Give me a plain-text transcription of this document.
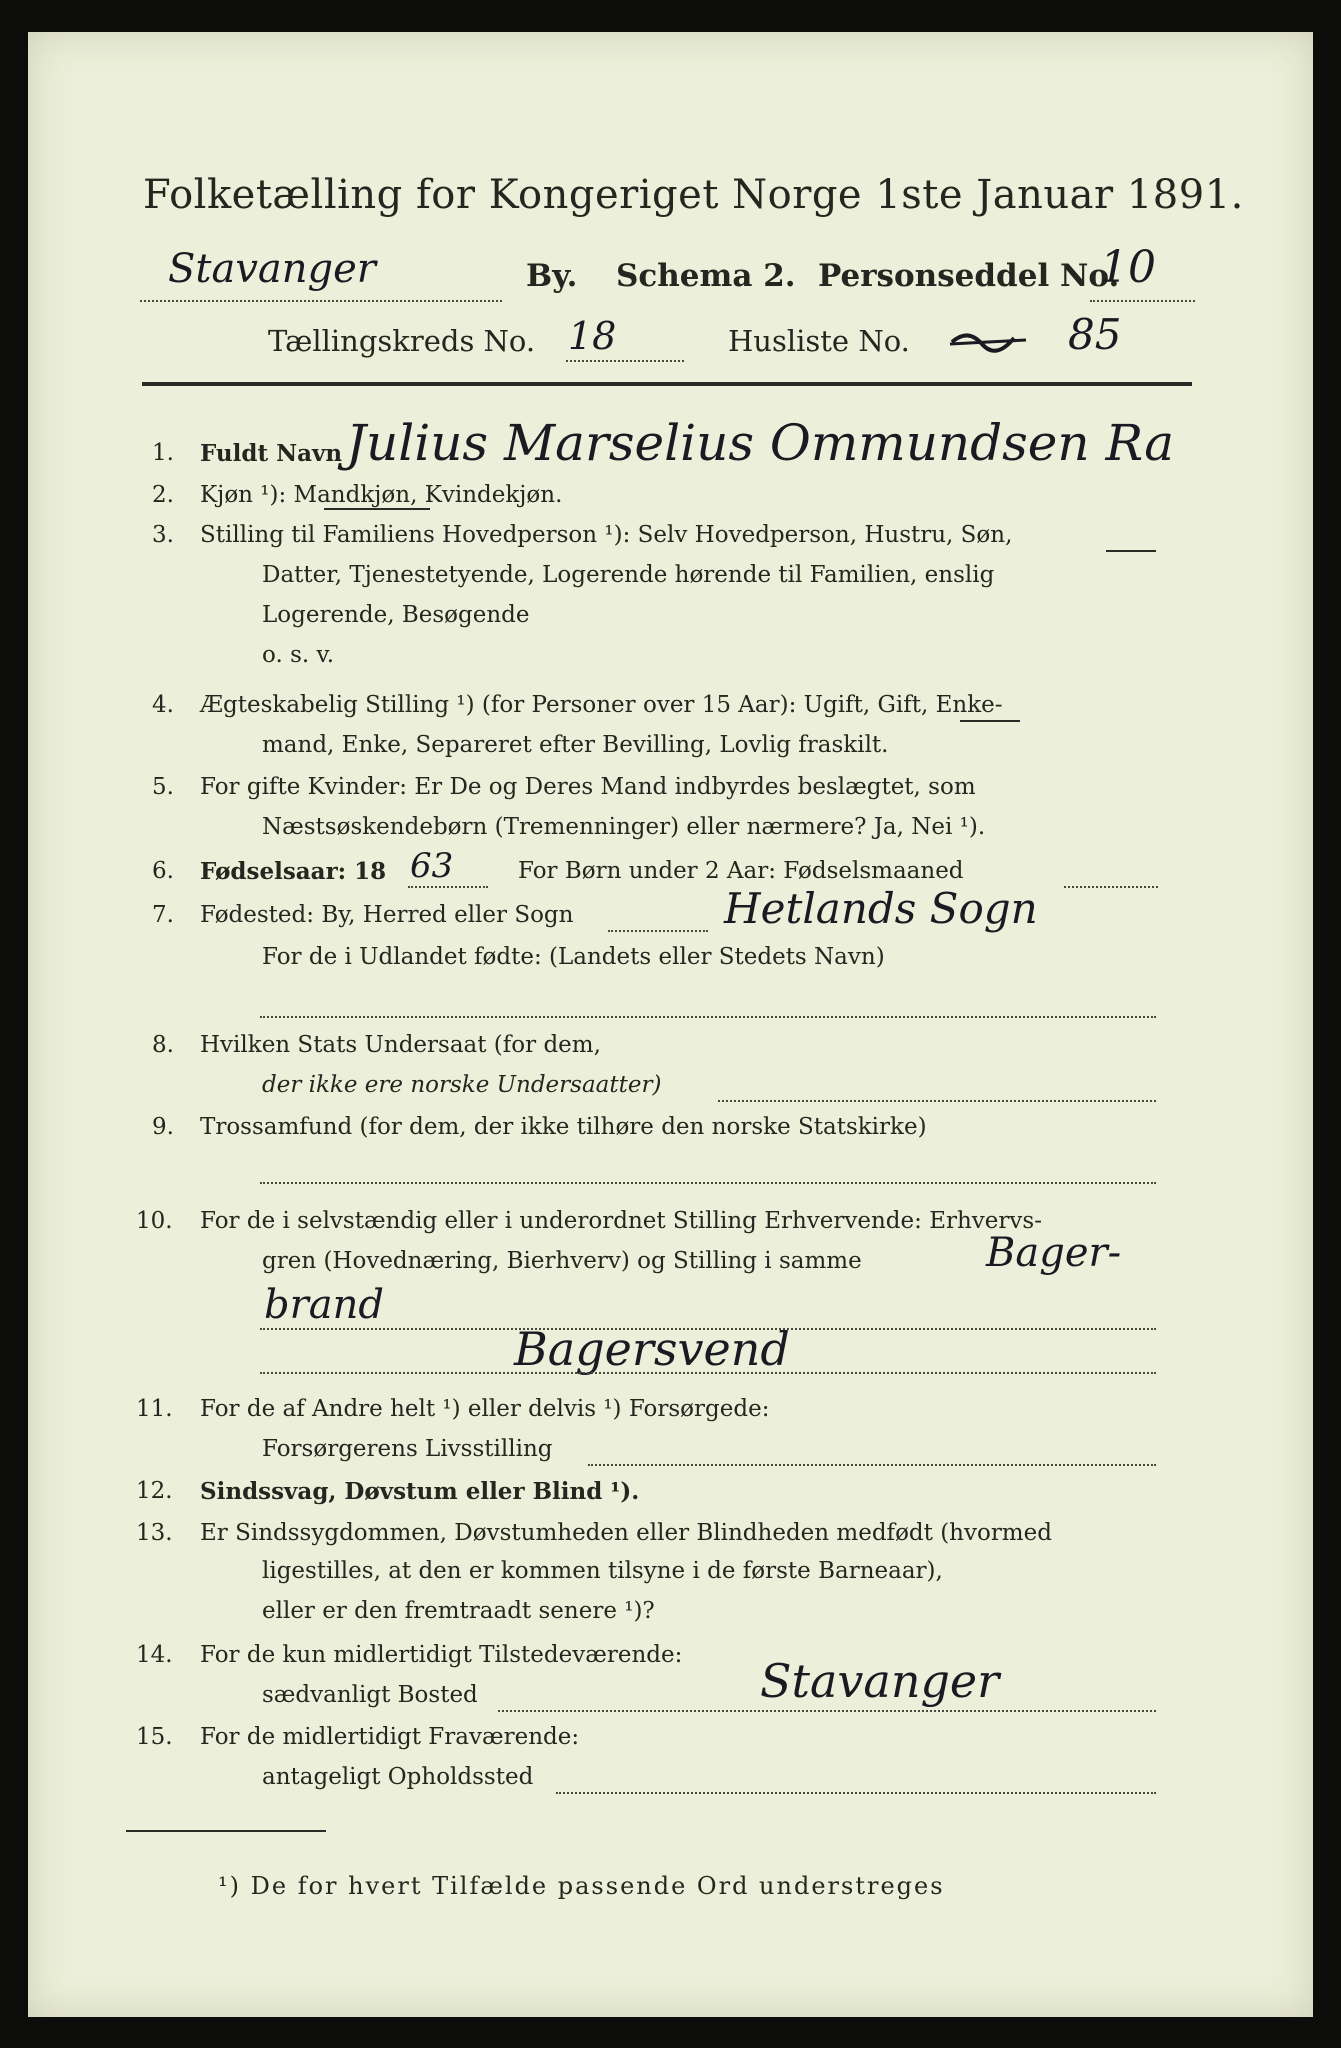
Folketælling for Kongeriget Norge 1ste Januar 1891.
Stavanger	By. Schema 2. Personseddel No.
10
Tællingskreds No. 18	Husliste No.	85
1. Fuldt Navn Julius Marselius Ommundsen Ra
2. Kjøn ¹): Mandkjøn, Kvindekjøn.
3. Stilling til Familiens Hovedperson ¹): Selv Hovedperson, Hustru, Søn,
Datter, Tjenestetyende, Logerende hørende til Familien, enslig
Logerende, Besøgende
o. s. v.
4. Ægteskabelig Stilling ¹) (for Personer over 15 Aar): Ugift, Gift, Enke-
mand, Enke, Separeret efter Bevilling, Lovlig fraskilt.
5. For gifte Kvinder: Er De og Deres Mand indbyrdes beslægtet, som
Næstsøskendebørn (Tremenninger) eller nærmere? Ja, Nei ¹).
6. Fødselsaar: 18 63	For Børn under 2 Aar: Fødselsmaaned
7. Fødested: By, Herred eller Sogn	Hetlands Sogn
For de i Udlandet fødte: (Landets eller Stedets Navn)
8. Hvilken Stats Undersaat (for dem,
der ikke ere norske Undersaatter)
9. Trossamfund (for dem, der ikke tilhøre den norske Statskirke)
10. For de i selvstændig eller i underordnet Stilling Erhvervende: Erhvervs-
gren (Hovednæring, Bierhverv) og Stilling i samme	Bager-
brand
Bagersvend
11. For de af Andre helt ¹) eller delvis ¹) Forsørgede:
Forsørgerens Livsstilling
12. Sindssvag, Døvstum eller Blind ¹).
13. Er Sindssygdommen, Døvstumheden eller Blindheden medfødt (hvormed
ligestilles, at den er kommen tilsyne i de første Barneaar),
eller er den fremtraadt senere ¹)?
14. For de kun midlertidigt Tilstedeværende:
sædvanligt Bosted	Stavanger
15. For de midlertidigt Fraværende:
antageligt Opholdssted
¹) De for hvert Tilfælde passende Ord understreges
